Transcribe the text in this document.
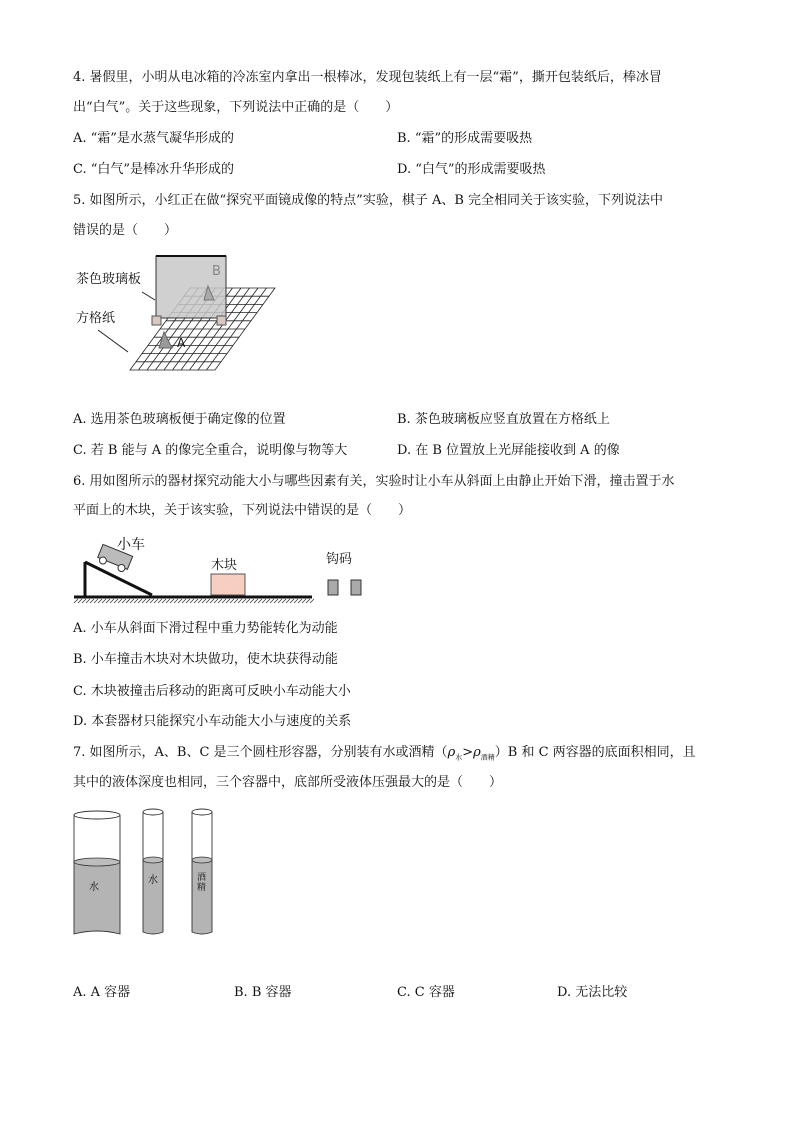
4. 暑假里，小明从电冰箱的冷冻室内拿出一根棒冰，发现包装纸上有一层“霜”，撕开包装纸后，棒冰冒
出“白气”。关于这些现象，下列说法中正确的是（　　）
A. “霜”是水蒸气凝华形成的	B. “霜”的形成需要吸热
C. “白气”是棒冰升华形成的	D. “白气”的形成需要吸热
5. 如图所示，小红正在做“探究平面镜成像的特点”实验，棋子 A、B 完全相同关于该实验，下列说法中
错误的是（　　）
B
A
茶色玻璃板
方格纸
A. 选用茶色玻璃板便于确定像的位置	B. 茶色玻璃板应竖直放置在方格纸上
C. 若 B 能与 A 的像完全重合，说明像与物等大	D. 在 B 位置放上光屏能接收到 A 的像
6. 用如图所示的器材探究动能大小与哪些因素有关，实验时让小车从斜面上由静止开始下滑，撞击置于水
平面上的木块，关于该实验，下列说法中错误的是（　　）
小车
木块	钩码
A. 小车从斜面下滑过程中重力势能转化为动能
B. 小车撞击木块对木块做功，使木块获得动能
C. 木块被撞击后移动的距离可反映小车动能大小
D. 本套器材只能探究小车动能大小与速度的关系
7. 如图所示，A、B、C 是三个圆柱形容器，分别装有水或酒精$(\rho_水>\rho_{酒精})B$ 和 C 两容器的底面积相同，且
其中的液体深度也相同，三个容器中，底部所受液体压强最大的是（　　）
水
水	酒精
A. A 容器	B. B 容器	C. C 容器	D. 无法比较
